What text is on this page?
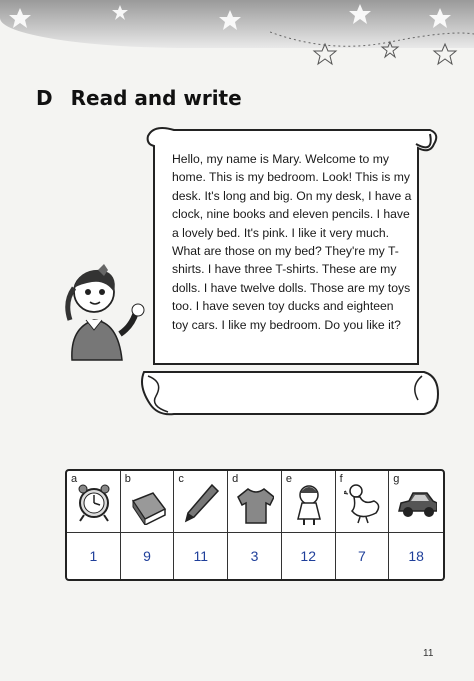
D Read and write
Hello, my name is Mary. Welcome to my home. This is my bedroom. Look! This is my desk. It's long and big. On my desk, I have a clock, nine books and eleven pencils. I have a lovely bed. It's pink. I like it very much. What are those on my bed? They're my T-shirts. I have three T-shirts. These are my dolls. I have twelve dolls. Those are my toys too. I have seven toy ducks and eighteen toy cars. I like my bedroom. Do you like it?
a	b	c	d	e	f	g
1	9	11	3	12	7	18
11
